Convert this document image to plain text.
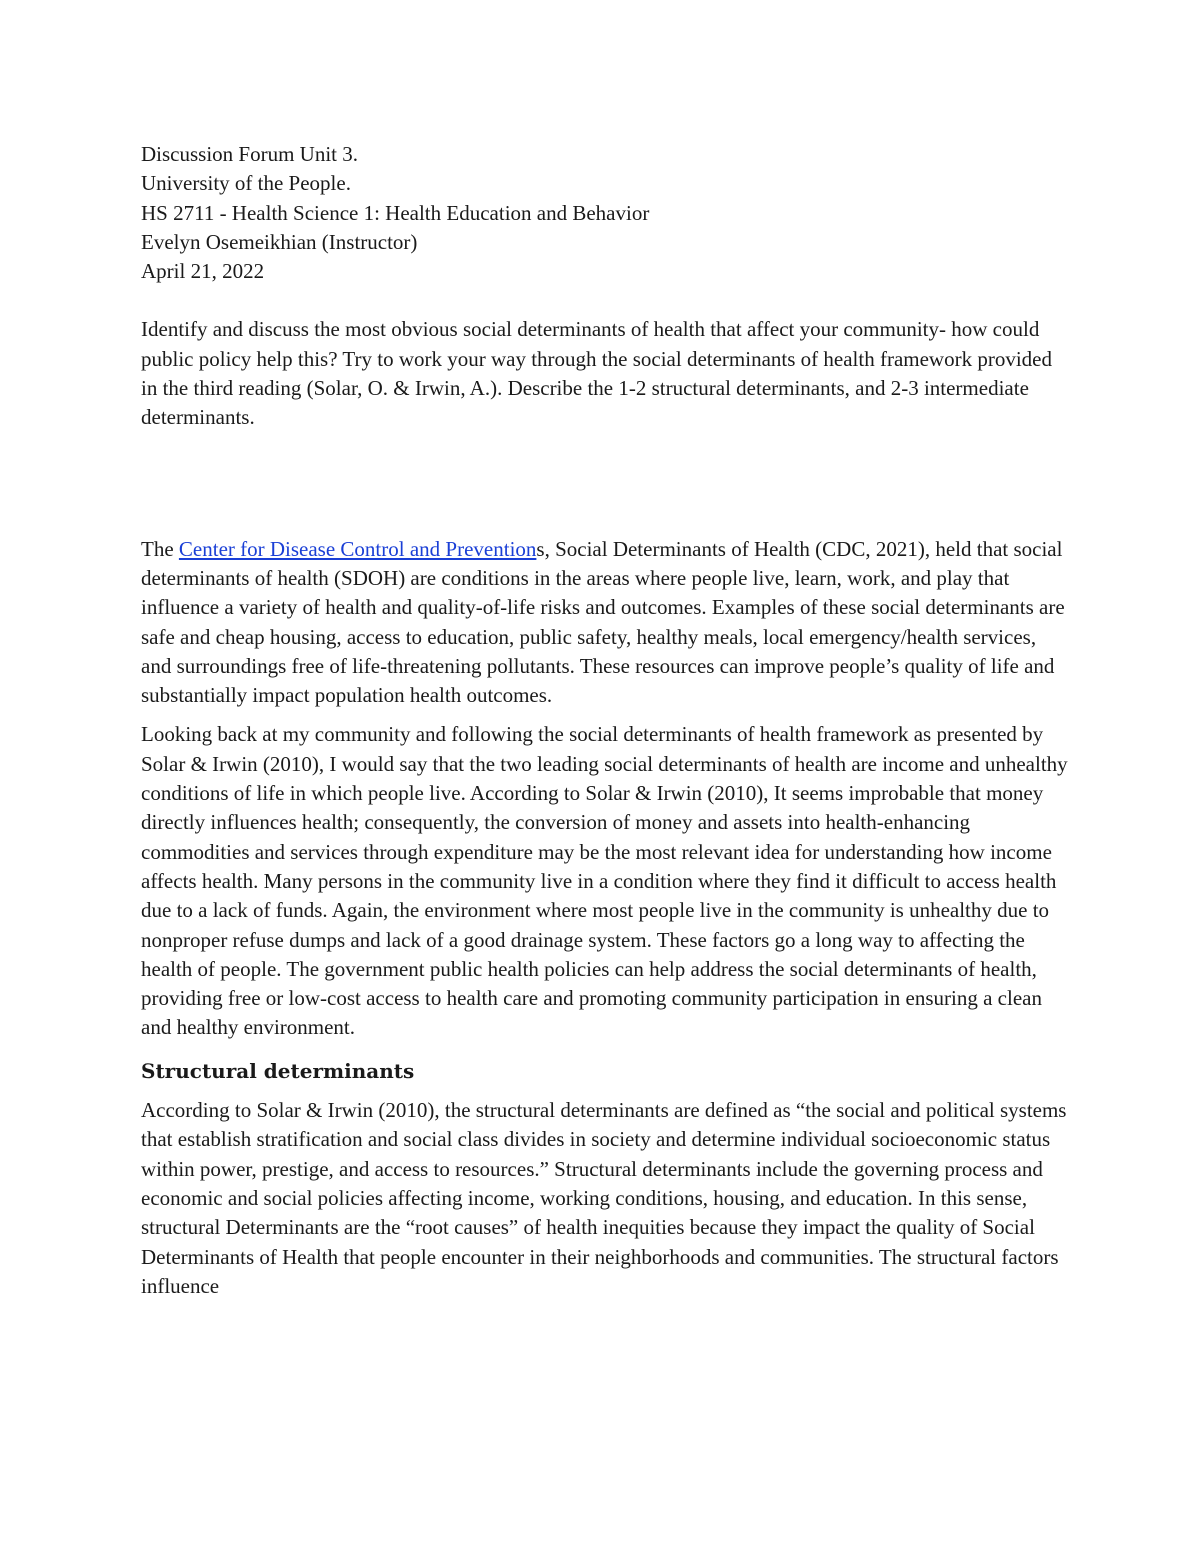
Discussion Forum Unit 3.
University of the People.
HS 2711 - Health Science 1: Health Education and Behavior
Evelyn Osemeikhian (Instructor)
April 21, 2022

Identify and discuss the most obvious social determinants of health that affect your community- how could public policy help this? Try to work your way through the social determinants of health framework provided in the third reading (Solar, O. & Irwin, A.). Describe the 1-2 structural determinants, and 2-3 intermediate determinants.

The Center for Disease Control and Preventions, Social Determinants of Health (CDC, 2021), held that social determinants of health (SDOH) are conditions in the areas where people live, learn, work, and play that influence a variety of health and quality-of-life risks and outcomes. Examples of these social determinants are safe and cheap housing, access to education, public safety, healthy meals, local emergency/health services, and surroundings free of life-threatening pollutants. These resources can improve people’s quality of life and substantially impact population health outcomes.

Looking back at my community and following the social determinants of health framework as presented by Solar & Irwin (2010), I would say that the two leading social determinants of health are income and unhealthy conditions of life in which people live. According to Solar & Irwin (2010), It seems improbable that money directly influences health; consequently, the conversion of money and assets into health-enhancing commodities and services through expenditure may be the most relevant idea for understanding how income affects health. Many persons in the community live in a condition where they find it difficult to access health due to a lack of funds. Again, the environment where most people live in the community is unhealthy due to nonproper refuse dumps and lack of a good drainage system. These factors go a long way to affecting the health of people. The government public health policies can help address the social determinants of health, providing free or low-cost access to health care and promoting community participation in ensuring a clean and healthy environment.

Structural determinants

According to Solar & Irwin (2010), the structural determinants are defined as “the social and political systems that establish stratification and social class divides in society and determine individual socioeconomic status within power, prestige, and access to resources.” Structural determinants include the governing process and economic and social policies affecting income, working conditions, housing, and education. In this sense, structural Determinants are the “root causes” of health inequities because they impact the quality of Social Determinants of Health that people encounter in their neighborhoods and communities. The structural factors influence
